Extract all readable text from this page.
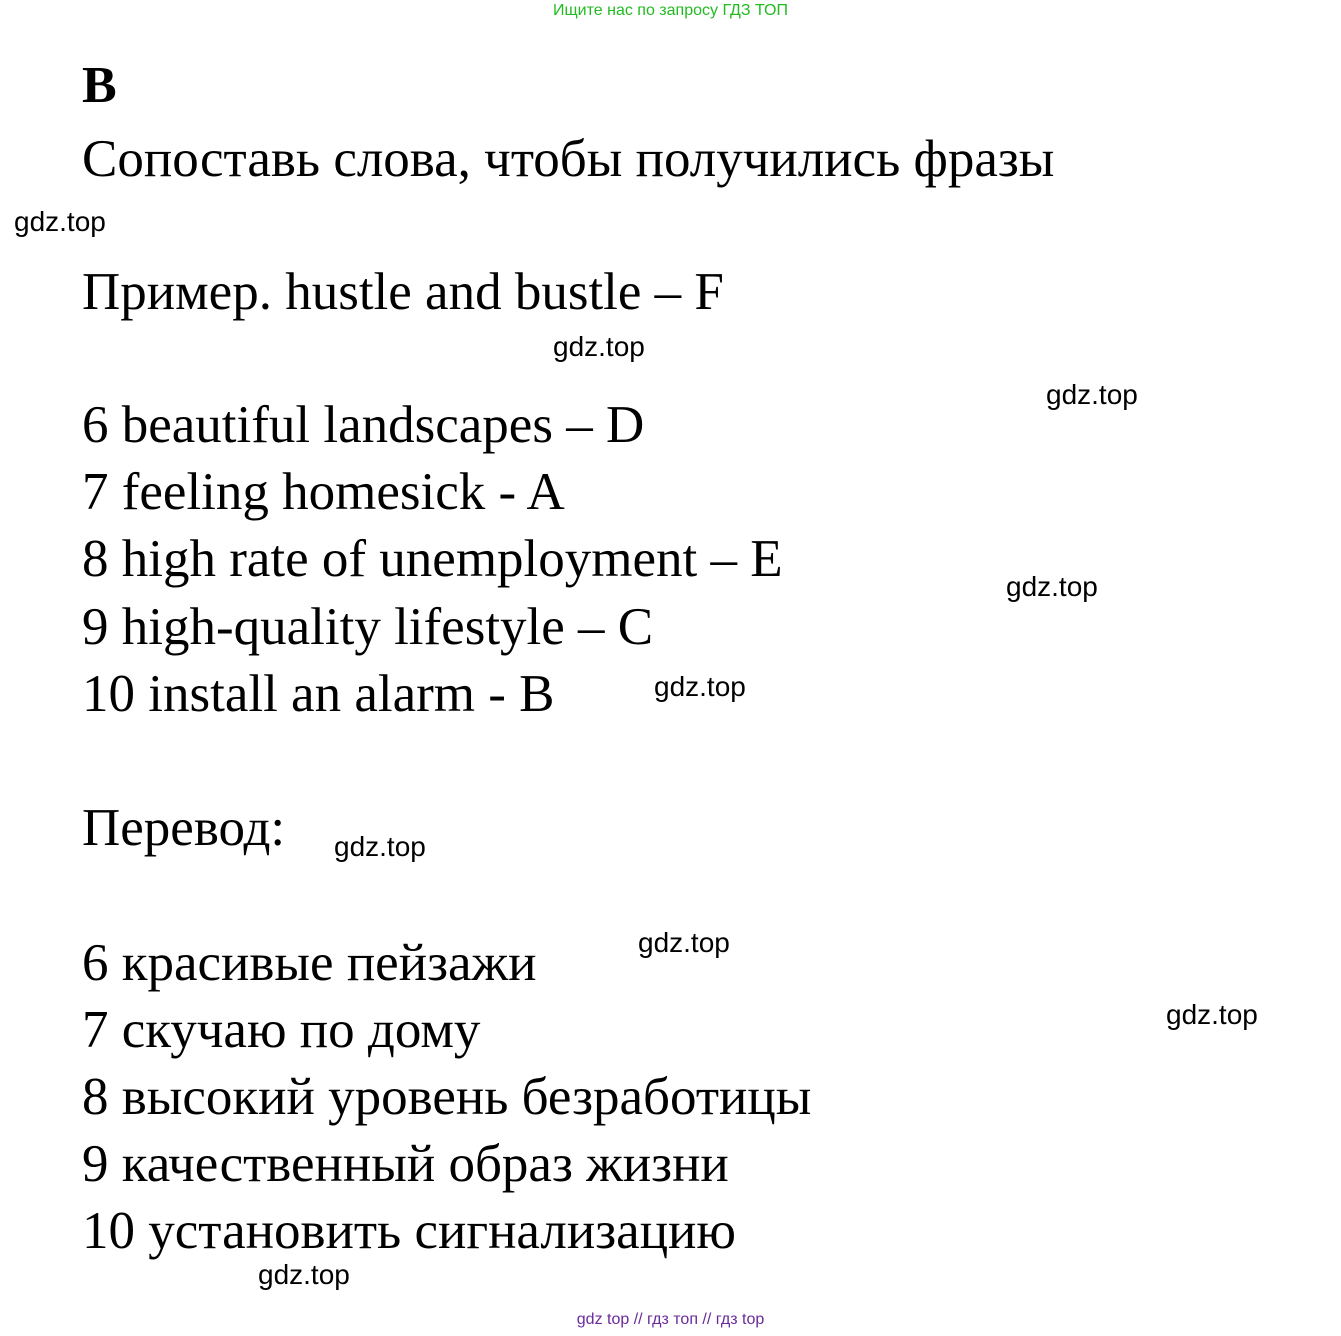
Ищите нас по запросу ГДЗ ТОП
B
Сопоставь слова, чтобы получились фразы
gdz.top
Пример. hustle and bustle – F
gdz.top
gdz.top
6 beautiful landscapes – D
7 feeling homesick - A
8 high rate of unemployment – E
9 high-quality lifestyle – C
10 install an alarm - B
gdz.top
gdz.top
Перевод: gdz.top
gdz.top
6 красивые пейзажи
7 скучаю по дому
8 высокий уровень безработицы
9 качественный образ жизни
10 установить сигнализацию
gdz.top
gdz.top
gdz top // гдз топ // гдз top
